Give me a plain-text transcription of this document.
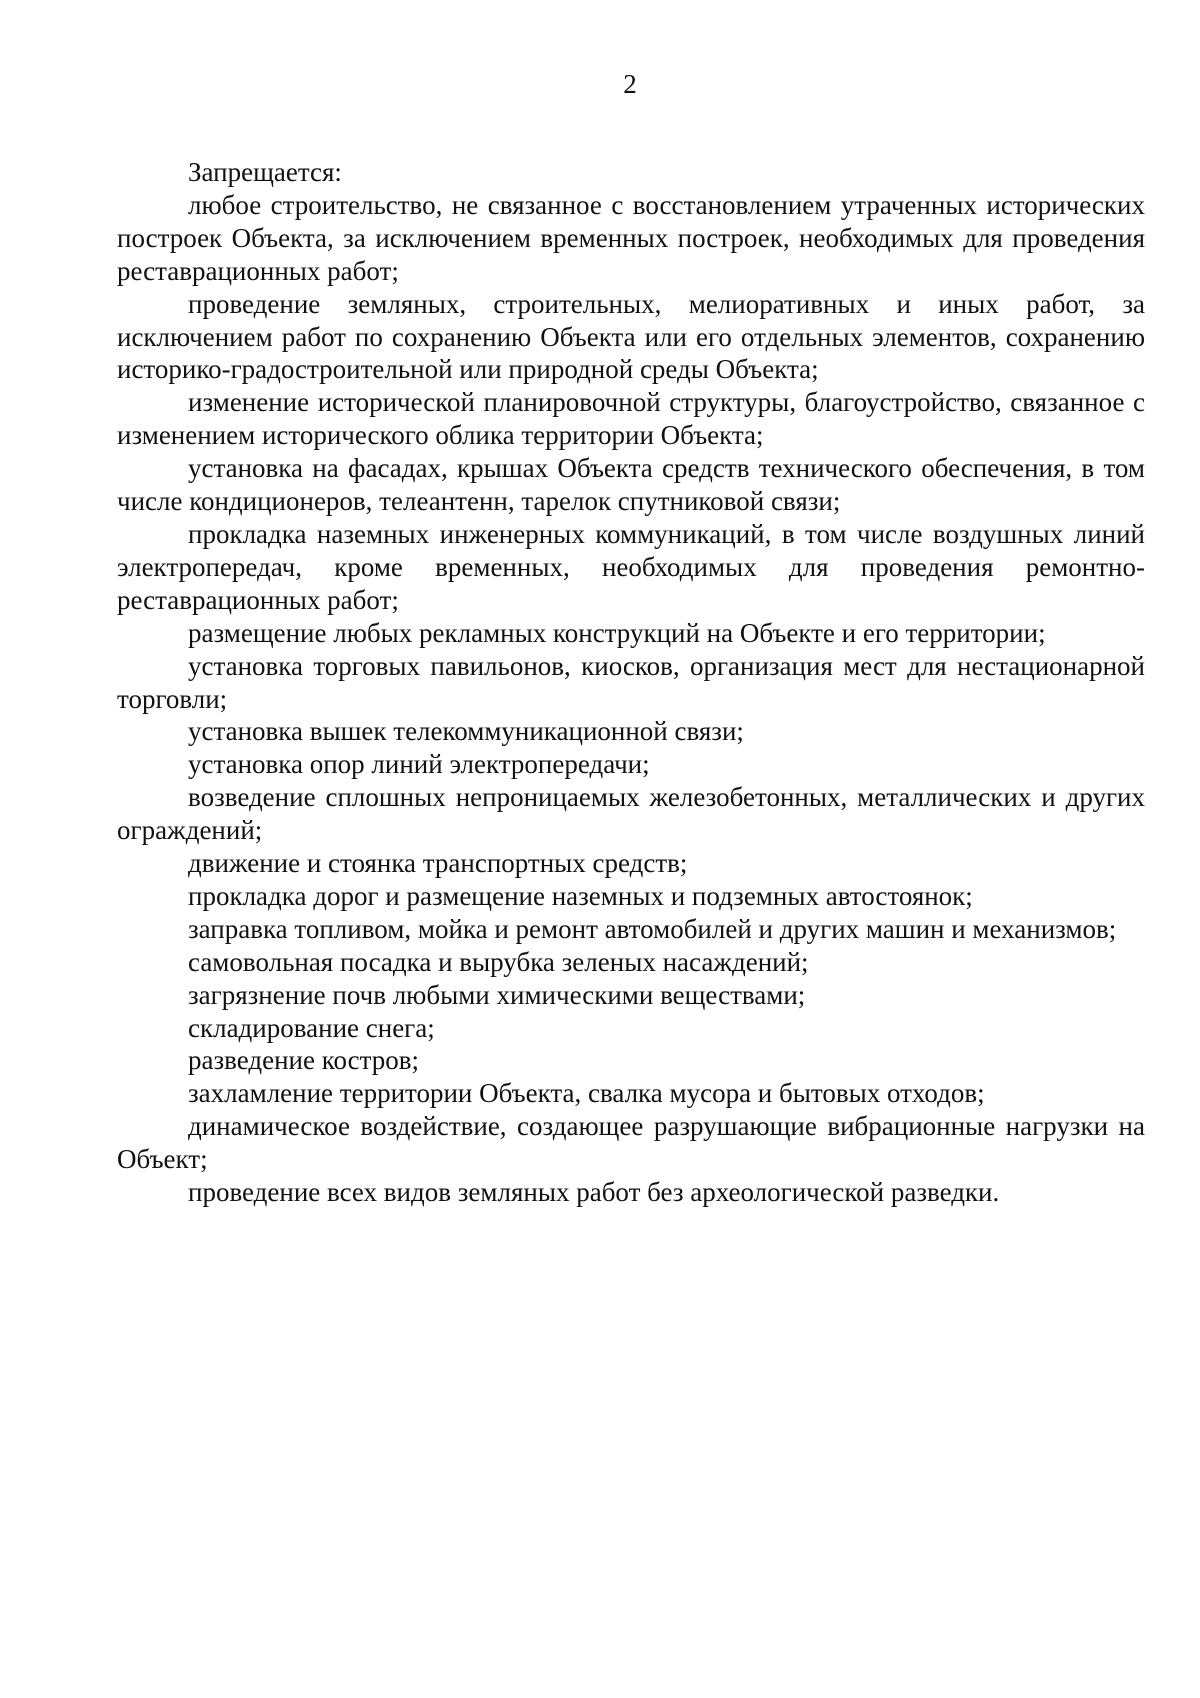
2

Запрещается:

любое строительство, не связанное с восстановлением утраченных исторических построек Объекта, за исключением временных построек, необходимых для проведения реставрационных работ;

проведение земляных, строительных, мелиоративных и иных работ, за исключением работ по сохранению Объекта или его отдельных элементов, сохранению историко-градостроительной или природной среды Объекта;

изменение исторической планировочной структуры, благоустройство, связанное с изменением исторического облика территории Объекта;

установка на фасадах, крышах Объекта средств технического обеспечения, в том числе кондиционеров, телеантенн, тарелок спутниковой связи;

прокладка наземных инженерных коммуникаций, в том числе воздушных линий электропередач, кроме временных, необходимых для проведения ремонтно-реставрационных работ;

размещение любых рекламных конструкций на Объекте и его территории;

установка торговых павильонов, киосков, организация мест для нестационарной торговли;

установка вышек телекоммуникационной связи;

установка опор линий электропередачи;

возведение сплошных непроницаемых железобетонных, металлических и других ограждений;

движение и стоянка транспортных средств;

прокладка дорог и размещение наземных и подземных автостоянок;

заправка топливом, мойка и ремонт автомобилей и других машин и механизмов;

самовольная посадка и вырубка зеленых насаждений;

загрязнение почв любыми химическими веществами;

складирование снега;

разведение костров;

захламление территории Объекта, свалка мусора и бытовых отходов;

динамическое воздействие, создающее разрушающие вибрационные нагрузки на Объект;

проведение всех видов земляных работ без археологической разведки.
